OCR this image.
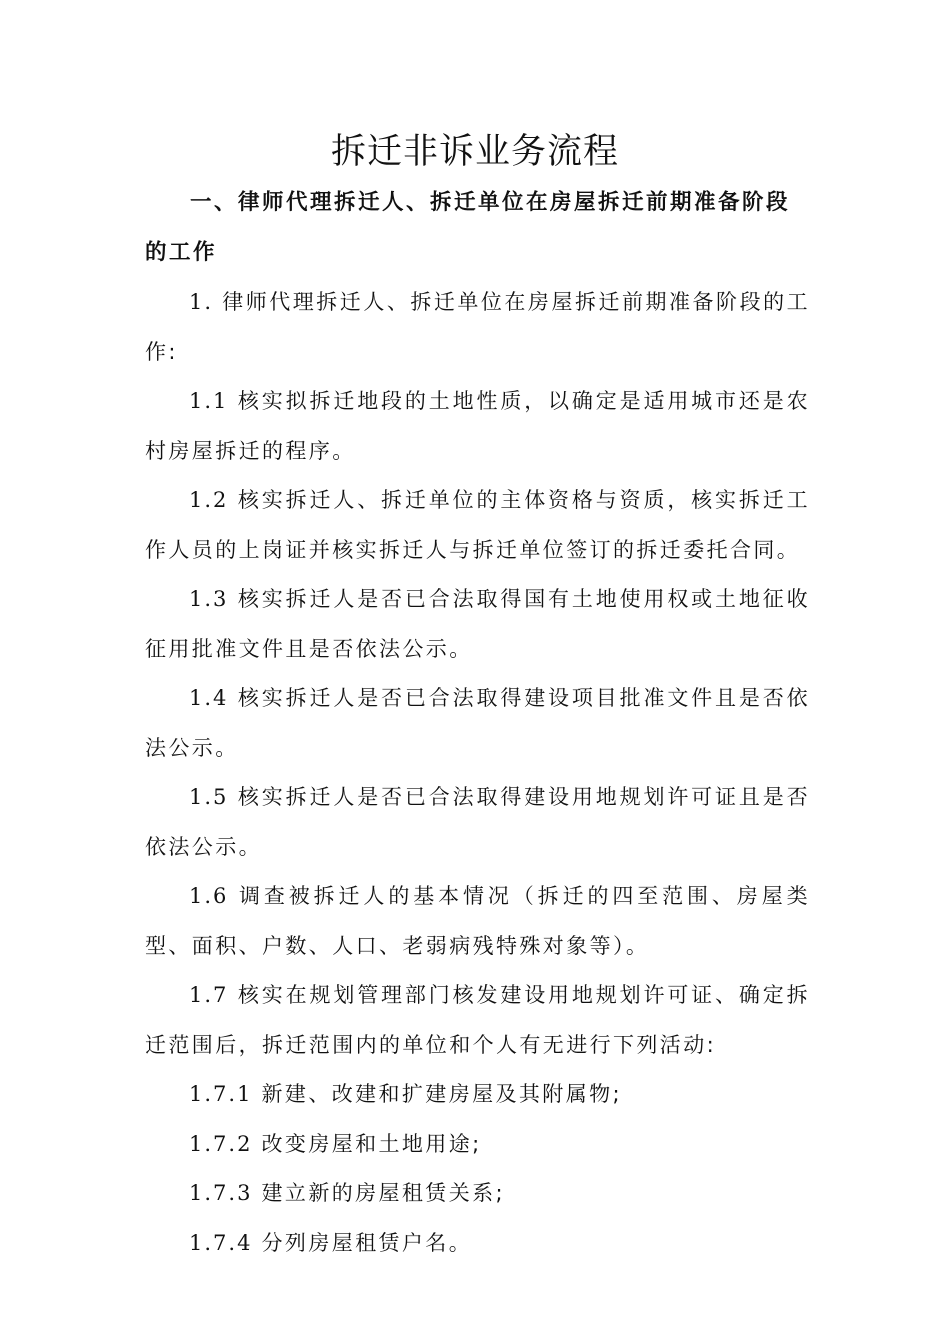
拆迁非诉业务流程
一、律师代理拆迁人、拆迁单位在房屋拆迁前期准备阶段的工作

1. 律师代理拆迁人、拆迁单位在房屋拆迁前期准备阶段的工作:

1.1 核实拟拆迁地段的土地性质，以确定是适用城市还是农村房屋拆迁的程序。

1.2 核实拆迁人、拆迁单位的主体资格与资质，核实拆迁工作人员的上岗证并核实拆迁人与拆迁单位签订的拆迁委托合同。

1.3 核实拆迁人是否已合法取得国有土地使用权或土地征收征用批准文件且是否依法公示。

1.4 核实拆迁人是否已合法取得建设项目批准文件且是否依法公示。

1.5 核实拆迁人是否已合法取得建设用地规划许可证且是否依法公示。

1.6 调查被拆迁人的基本情况（拆迁的四至范围、房屋类型、面积、户数、人口、老弱病残特殊对象等）。

1.7 核实在规划管理部门核发建设用地规划许可证、确定拆迁范围后，拆迁范围内的单位和个人有无进行下列活动:

1.7.1 新建、改建和扩建房屋及其附属物;

1.7.2 改变房屋和土地用途;

1.7.3 建立新的房屋租赁关系;

1.7.4 分列房屋租赁户名。
